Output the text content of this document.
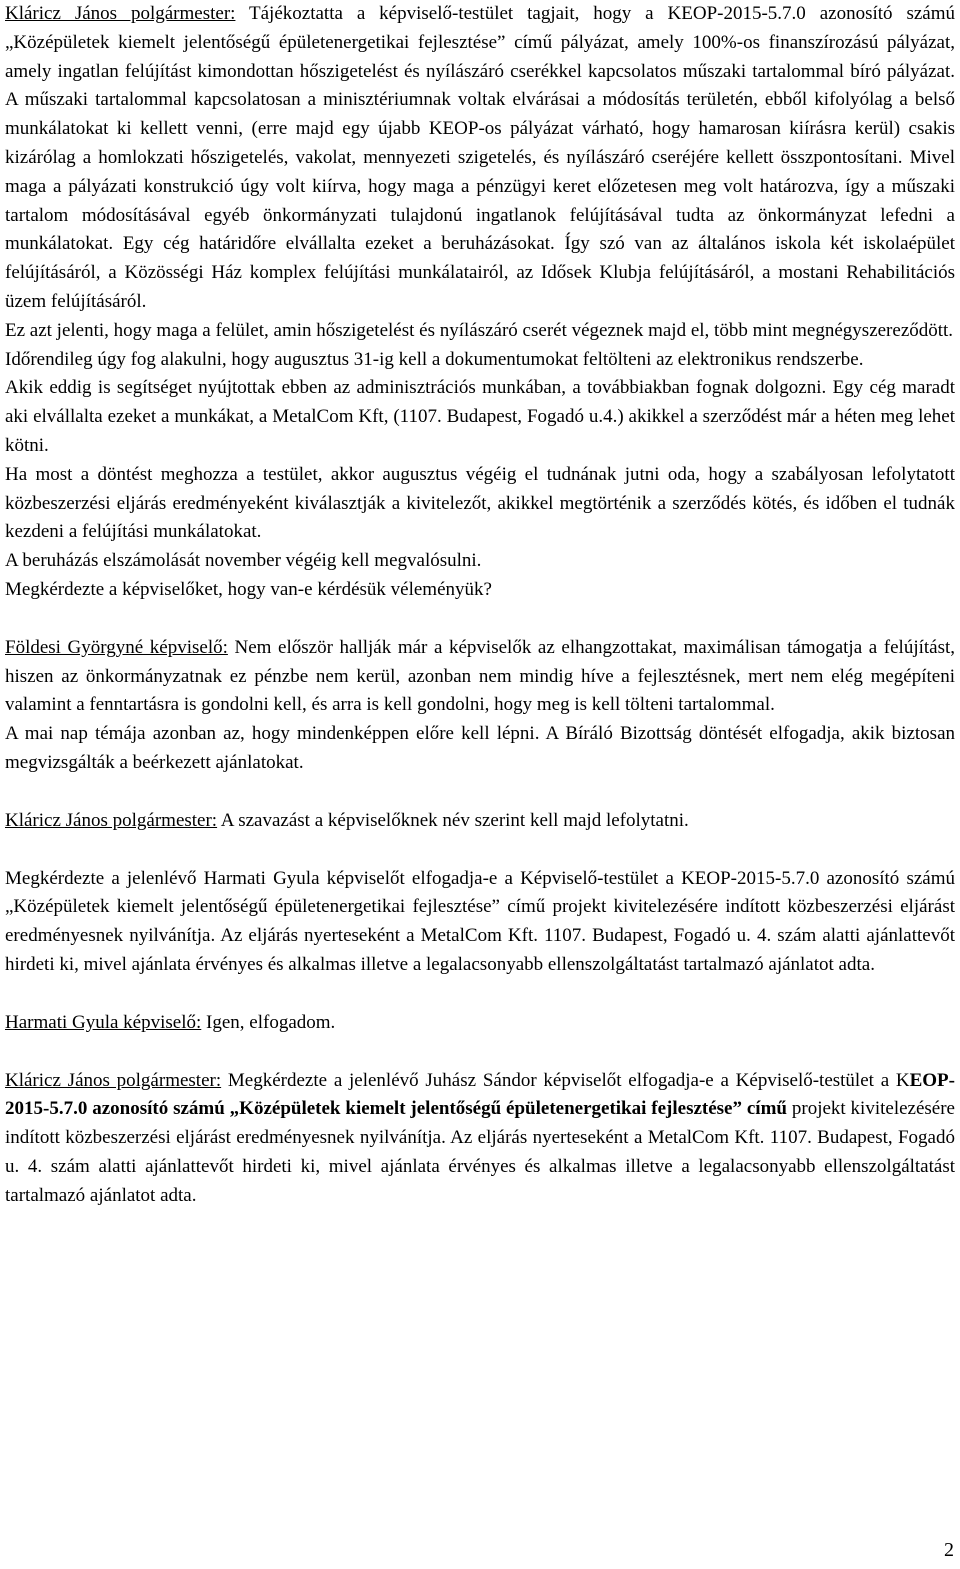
Kláricz János polgármester: Tájékoztatta a képviselő-testület tagjait, hogy a KEOP-2015-5.7.0 azonosító számú „Középületek kiemelt jelentőségű épületenergetikai fejlesztése” című pályázat, amely 100%-os finanszírozású pályázat, amely ingatlan felújítást kimondottan hőszigetelést és nyílászáró cserékkel kapcsolatos műszaki tartalommal bíró pályázat. A műszaki tartalommal kapcsolatosan a minisztériumnak voltak elvárásai a módosítás területén, ebből kifolyólag a belső munkálatokat ki kellett venni, (erre majd egy újabb KEOP-os pályázat várható, hogy hamarosan kiírásra kerül) csakis kizárólag a homlokzati hőszigetelés, vakolat, mennyezeti szigetelés, és nyílászáró cseréjére kellett összpontosítani. Mivel maga a pályázati konstrukció úgy volt kiírva, hogy maga a pénzügyi keret előzetesen meg volt határozva, így a műszaki tartalom módosításával egyéb önkormányzati tulajdonú ingatlanok felújításával tudta az önkormányzat lefedni a munkálatokat. Egy cég határidőre elvállalta ezeket a beruházásokat. Így szó van az általános iskola két iskolaépület felújításáról, a Közösségi Ház komplex felújítási munkálatairól, az Idősek Klubja felújításáról, a mostani Rehabilitációs üzem felújításáról.

Ez azt jelenti, hogy maga a felület, amin hőszigetelést és nyílászáró cserét végeznek majd el, több mint megnégyszereződött.

Időrendileg úgy fog alakulni, hogy augusztus 31-ig kell a dokumentumokat feltölteni az elektronikus rendszerbe.

Akik eddig is segítséget nyújtottak ebben az adminisztrációs munkában, a továbbiakban fognak dolgozni. Egy cég maradt aki elvállalta ezeket a munkákat, a MetalCom Kft, (1107. Budapest, Fogadó u.4.) akikkel a szerződést már a héten meg lehet kötni.

Ha most a döntést meghozza a testület, akkor augusztus végéig el tudnának jutni oda, hogy a szabályosan lefolytatott közbeszerzési eljárás eredményeként kiválasztják a kivitelezőt, akikkel megtörténik a szerződés kötés, és időben el tudnák kezdeni a felújítási munkálatokat.

A beruházás elszámolását november végéig kell megvalósulni.

Megkérdezte a képviselőket, hogy van-e kérdésük véleményük?

Földesi Györgyné képviselő: Nem először hallják már a képviselők az elhangzottakat, maximálisan támogatja a felújítást, hiszen az önkormányzatnak ez pénzbe nem kerül, azonban nem mindig híve a fejlesztésnek, mert nem elég megépíteni valamint a fenntartásra is gondolni kell, és arra is kell gondolni, hogy meg is kell tölteni tartalommal.

A mai nap témája azonban az, hogy mindenképpen előre kell lépni. A Bíráló Bizottság döntését elfogadja, akik biztosan megvizsgálták a beérkezett ajánlatokat.

Kláricz János polgármester: A szavazást a képviselőknek név szerint kell majd lefolytatni.

Megkérdezte a jelenlévő Harmati Gyula képviselőt elfogadja-e a Képviselő-testület a KEOP-2015-5.7.0 azonosító számú „Középületek kiemelt jelentőségű épületenergetikai fejlesztése” című projekt kivitelezésére indított közbeszerzési eljárást eredményesnek nyilvánítja. Az eljárás nyerteseként a MetalCom Kft. 1107. Budapest, Fogadó u. 4. szám alatti ajánlattevőt hirdeti ki, mivel ajánlata érvényes és alkalmas illetve a legalacsonyabb ellenszolgáltatást tartalmazó ajánlatot adta.

Harmati Gyula képviselő: Igen, elfogadom.

Kláricz János polgármester: Megkérdezte a jelenlévő Juhász Sándor képviselőt elfogadja-e a Képviselő-testület a KEOP-2015-5.7.0 azonosító számú „Középületek kiemelt jelentőségű épületenergetikai fejlesztése” című projekt kivitelezésére indított közbeszerzési eljárást eredményesnek nyilvánítja. Az eljárás nyerteseként a MetalCom Kft. 1107. Budapest, Fogadó u. 4. szám alatti ajánlattevőt hirdeti ki, mivel ajánlata érvényes és alkalmas illetve a legalacsonyabb ellenszolgáltatást tartalmazó ajánlatot adta.

2
